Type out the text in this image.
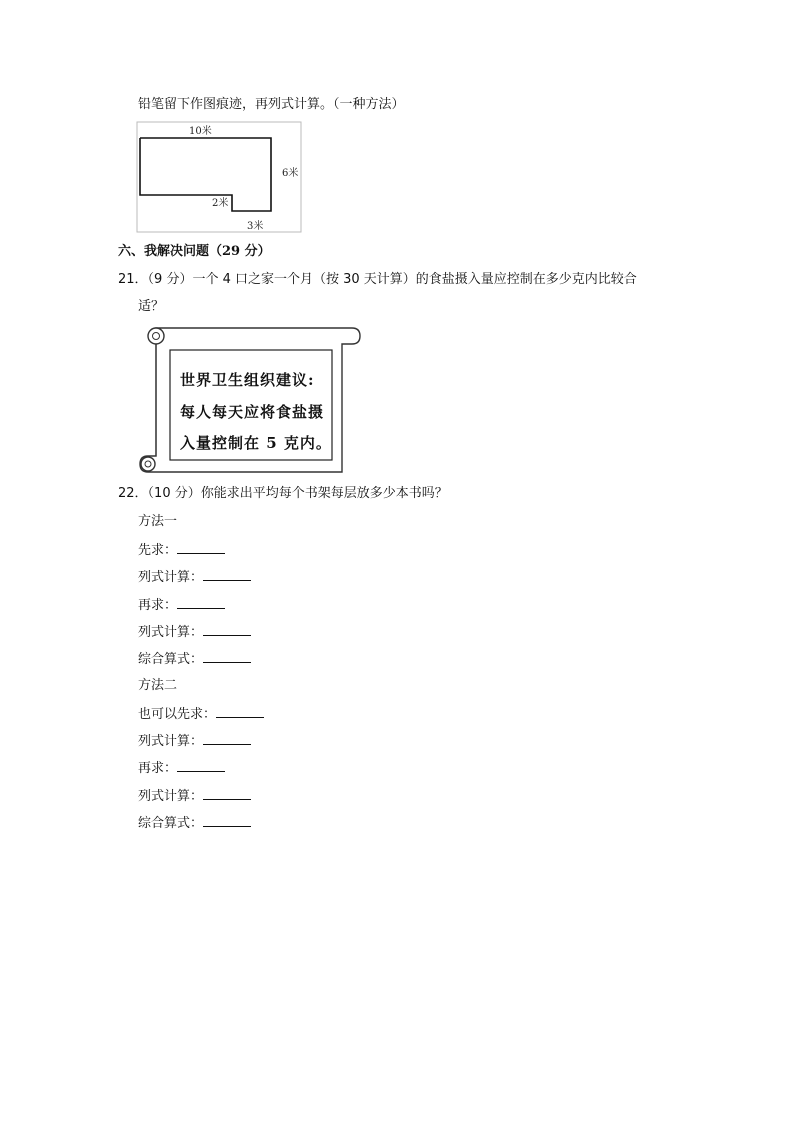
铅笔留下作图痕迹，再列式计算。（一种方法）
10米
6米
2米
3米
六、我解决问题（29 分）
21．（9 分）一个 4 口之家一个月（按 30 天计算）的食盐摄入量应控制在多少克内比较合
适？
世界卫生组织建议:
每人每天应将食盐摄
入量控制在 5 克内。
22．（10 分）你能求出平均每个书架每层放多少本书吗？
方法一
先求：
列式计算：
再求：
列式计算：
综合算式：
方法二
也可以先求：
列式计算：
再求：
列式计算：
综合算式：
